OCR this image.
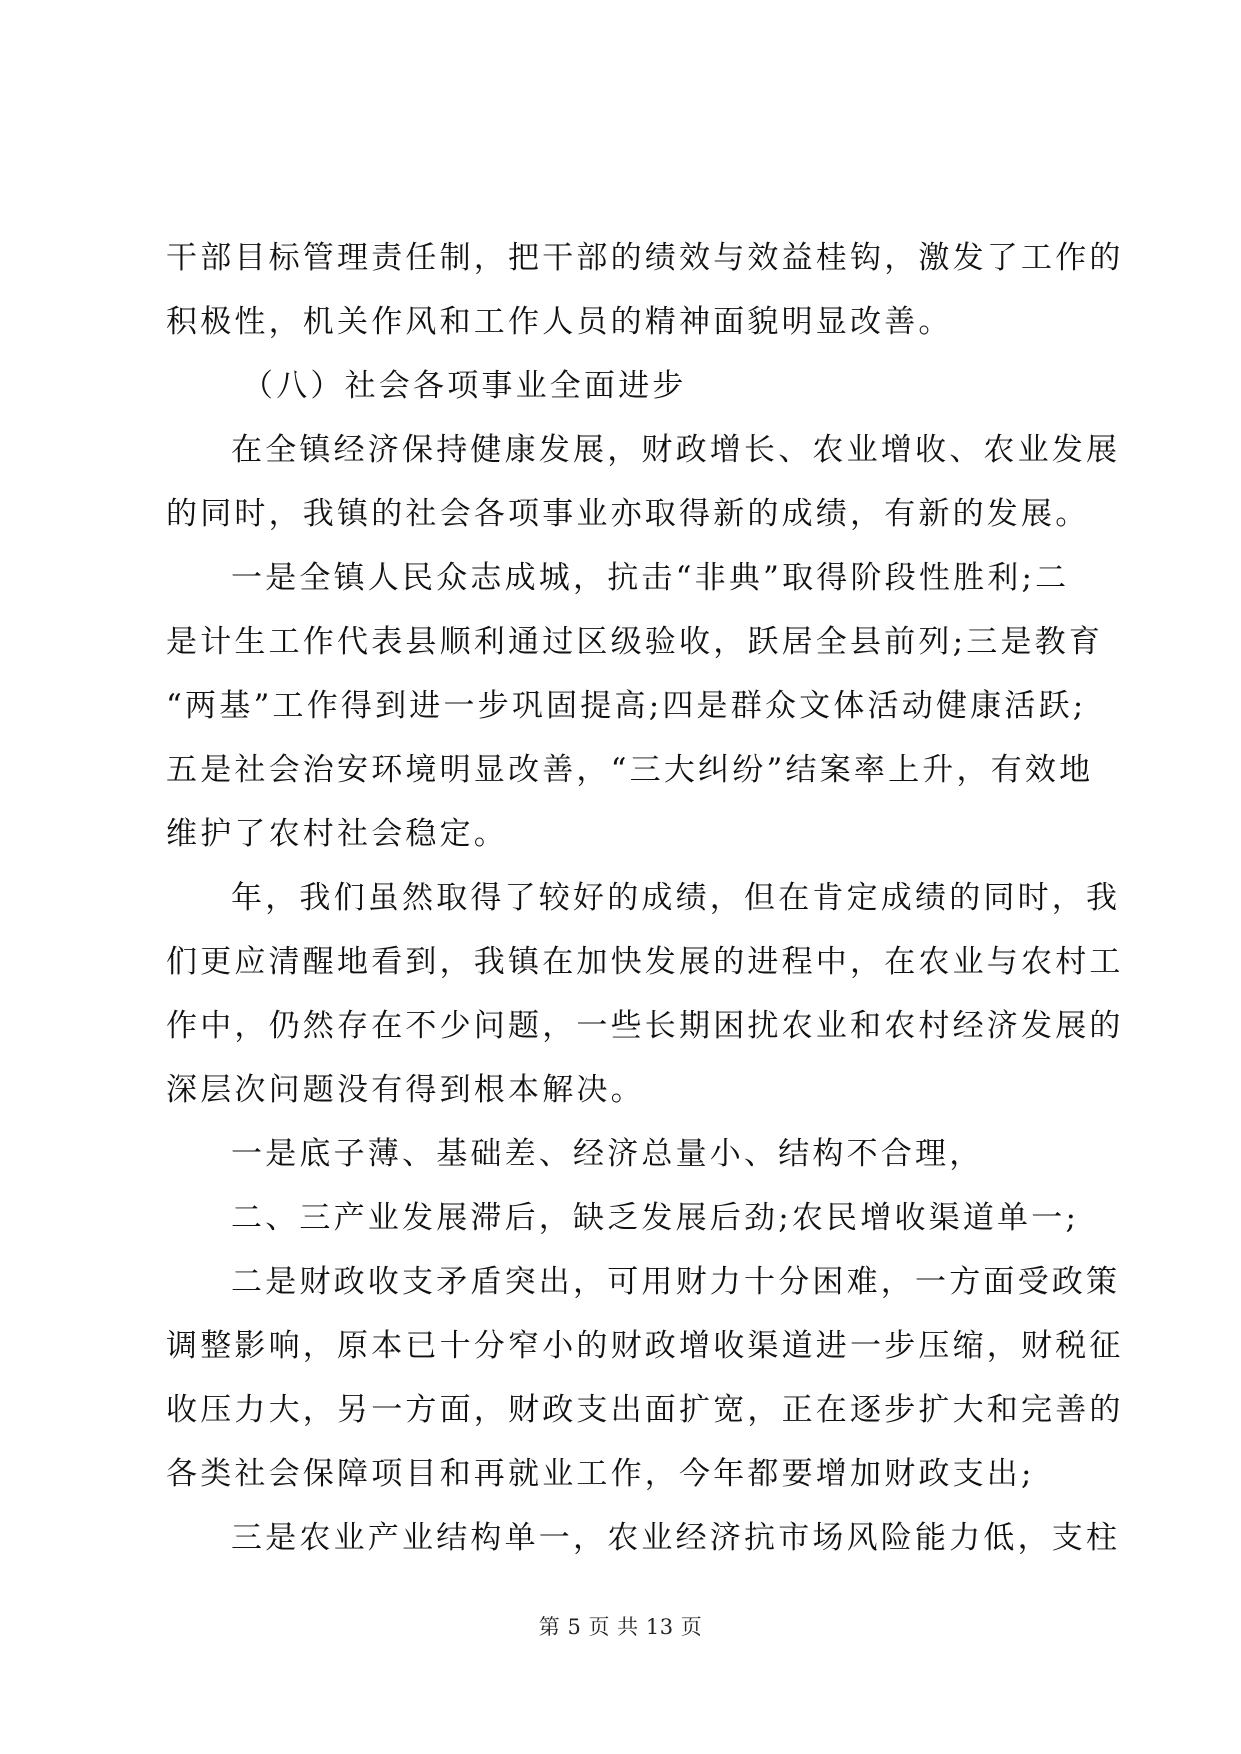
干部目标管理责任制，把干部的绩效与效益桂钩，激发了工作的
积极性，机关作风和工作人员的精神面貌明显改善。
（八）社会各项事业全面进步
在全镇经济保持健康发展，财政增长、农业增收、农业发展
的同时，我镇的社会各项事业亦取得新的成绩，有新的发展。
一是全镇人民众志成城，抗击“非典”取得阶段性胜利;二
是计生工作代表县顺利通过区级验收，跃居全县前列;三是教育
“两基”工作得到进一步巩固提高;四是群众文体活动健康活跃;
五是社会治安环境明显改善，“三大纠纷”结案率上升，有效地
维护了农村社会稳定。
年，我们虽然取得了较好的成绩，但在肯定成绩的同时，我
们更应清醒地看到，我镇在加快发展的进程中，在农业与农村工
作中，仍然存在不少问题，一些长期困扰农业和农村经济发展的
深层次问题没有得到根本解决。
一是底子薄、基础差、经济总量小、结构不合理，
二、三产业发展滞后，缺乏发展后劲;农民增收渠道单一;
二是财政收支矛盾突出，可用财力十分困难，一方面受政策
调整影响，原本已十分窄小的财政增收渠道进一步压缩，财税征
收压力大，另一方面，财政支出面扩宽，正在逐步扩大和完善的
各类社会保障项目和再就业工作，今年都要增加财政支出;
三是农业产业结构单一，农业经济抗市场风险能力低，支柱
第 5 页 共 13 页
